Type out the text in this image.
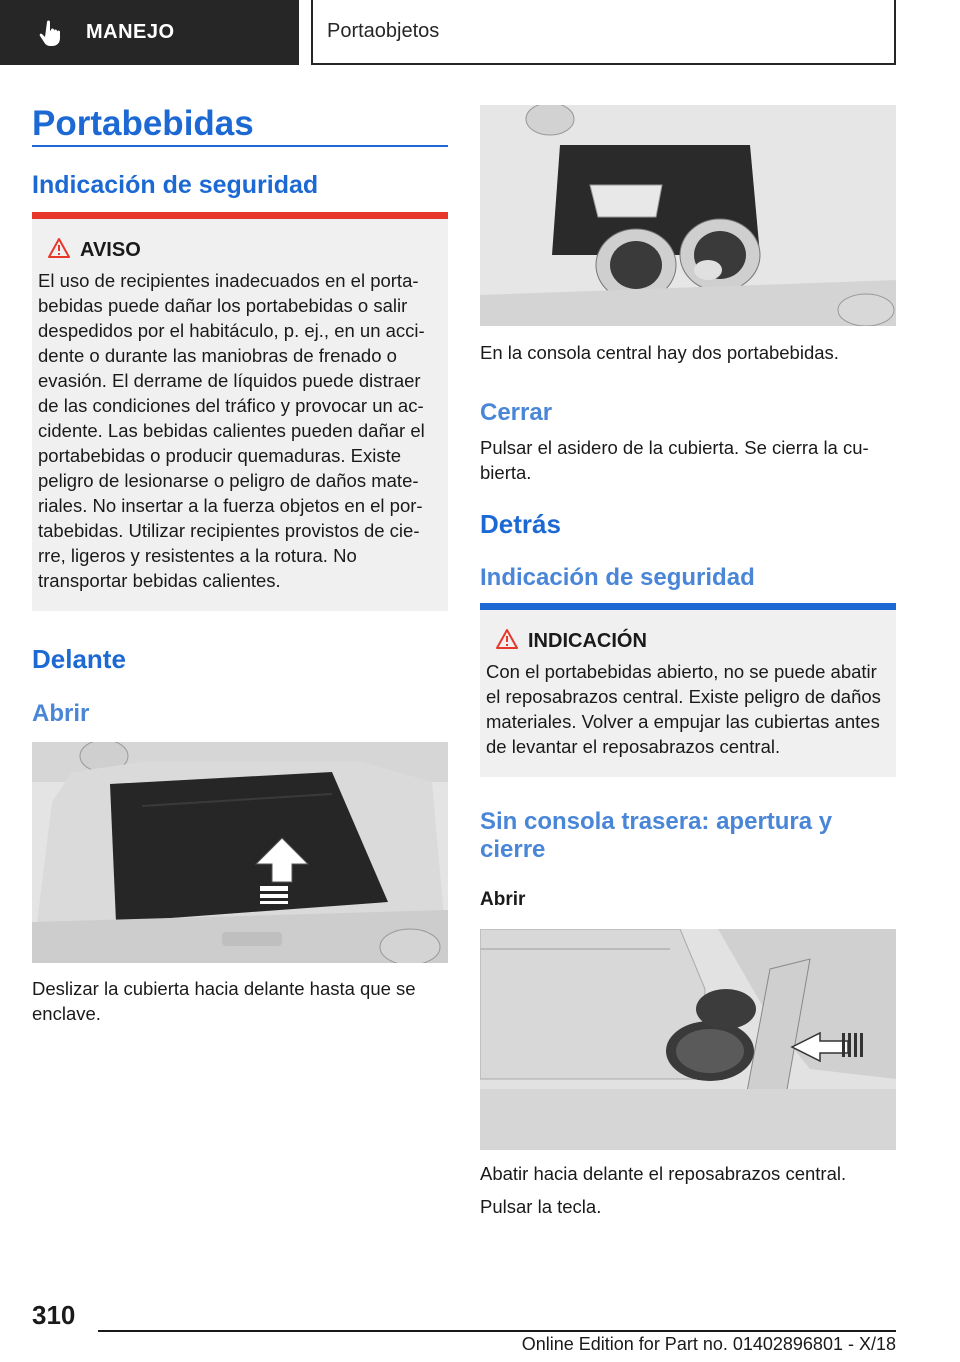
MANEJO	Portaobjetos
Portabebidas
Indicación de seguridad
AVISO
El uso de recipientes inadecuados en el porta-bebidas puede dañar los portabebidas o salir despedidos por el habitáculo, p. ej., en un acci-dente o durante las maniobras de frenado o evasión. El derrame de líquidos puede distraer de las condiciones del tráfico y provocar un ac-cidente. Las bebidas calientes pueden dañar el portabebidas o producir quemaduras. Existe peligro de lesionarse o peligro de daños mate-riales. No insertar a la fuerza objetos en el por-tabebidas. Utilizar recipientes provistos de cie-rre, ligeros y resistentes a la rotura. No transportar bebidas calientes.
Delante
Abrir
Deslizar la cubierta hacia delante hasta que se enclave.
En la consola central hay dos portabebidas.
Cerrar
Pulsar el asidero de la cubierta. Se cierra la cu-bierta.
Detrás
Indicación de seguridad
INDICACIÓN
Con el portabebidas abierto, no se puede abatir el reposabrazos central. Existe peligro de daños materiales. Volver a empujar las cubiertas antes de levantar el reposabrazos central.
Sin consola trasera: apertura y cierre
Abrir
Abatir hacia delante el reposabrazos central.
Pulsar la tecla.
310
Online Edition for Part no. 01402896801 - X/18
